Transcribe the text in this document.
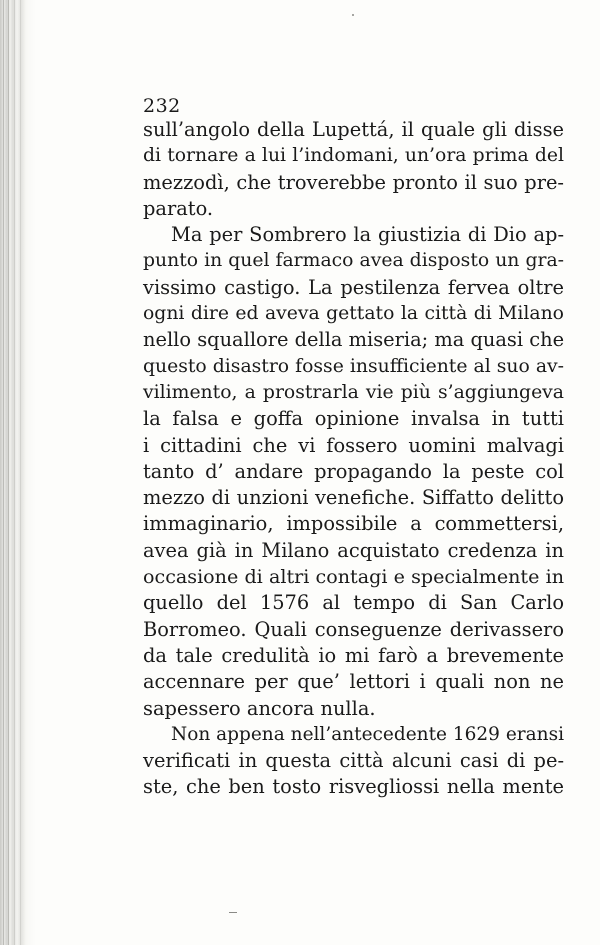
232
sull’angolo della Lupettá, il quale gli disse
di tornare a lui l’indomani, un’ora prima del
mezzodì, che troverebbe pronto il suo pre-
parato.
Ma per Sombrero la giustizia di Dio ap-
punto in quel farmaco avea disposto un gra-
vissimo castigo. La pestilenza fervea oltre
ogni dire ed aveva gettato la città di Milano
nello squallore della miseria; ma quasi che
questo disastro fosse insufficiente al suo av-
vilimento, a prostrarla vie più s’aggiungeva
la falsa e goffa opinione invalsa in tutti
i cittadini che vi fossero uomini malvagi
tanto d’ andare propagando la peste col
mezzo di unzioni venefiche. Siffatto delitto
immaginario, impossibile a commettersi,
avea già in Milano acquistato credenza in
occasione di altri contagi e specialmente in
quello del 1576 al tempo di San Carlo
Borromeo. Quali conseguenze derivassero
da tale credulità io mi farò a brevemente
accennare per que’ lettori i quali non ne
sapessero ancora nulla.
Non appena nell’antecedente 1629 eransi
verificati in questa città alcuni casi di pe-
ste, che ben tosto risvegliossi nella mente
